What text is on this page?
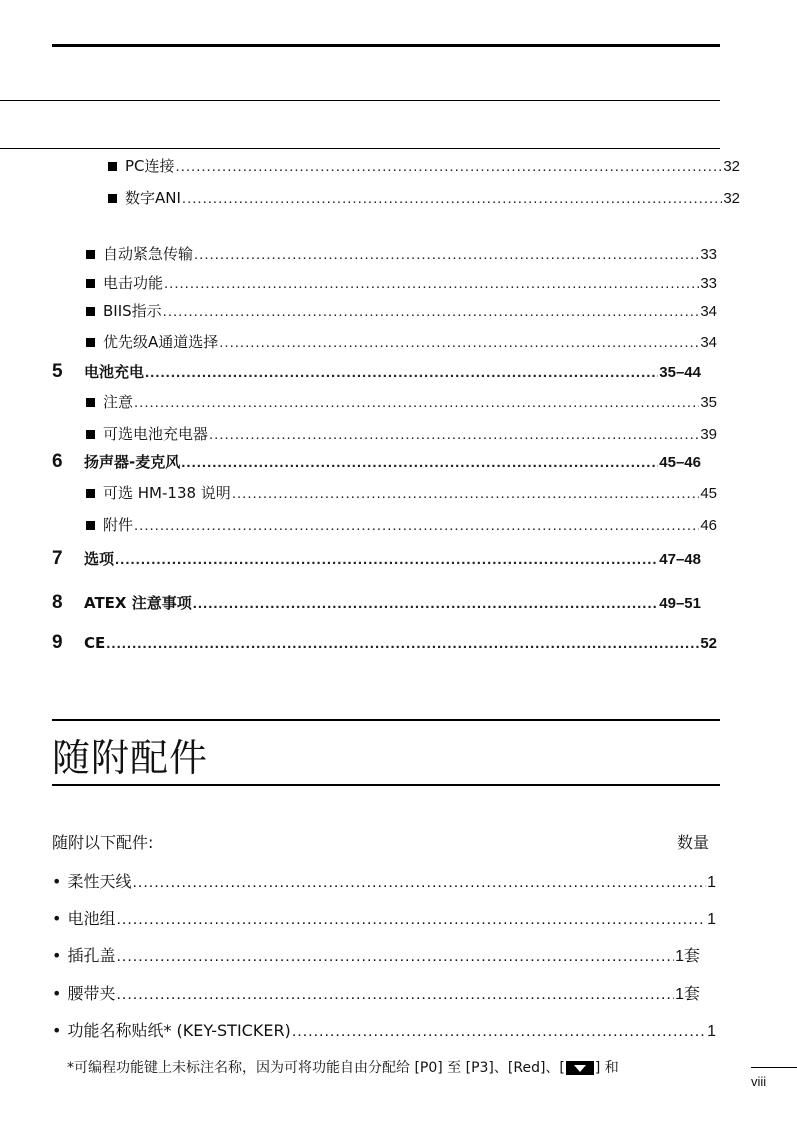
PC连接 .....	32
数字ANI .....	32
自动紧急传输 .....	33
电击功能 .....	33
BIIS指示 .....	34
优先级A通道选择 .....	34
5 电池充电 .....	35–44
注意 .....	35
可选电池充电器 .....	39
6 扬声器-麦克风 .....	45–46
可选 HM-138 说明 .....	45
附件 .....	46
7 选项 .....	47–48
8 ATEX 注意事项 .....	49–51
9 CE .....	52
随附配件
随附以下配件:	数量
• 柔性天线 .....	1
• 电池组 .....	1
• 插孔盖 .....	1套
• 腰带夹 .....	1套
• 功能名称贴纸* (KEY-STICKER) .....	1
*可编程功能键上未标注名称，因为可将功能自由分配给 [P0] 至 [P3]、[Red]、[ ] 和
viii
